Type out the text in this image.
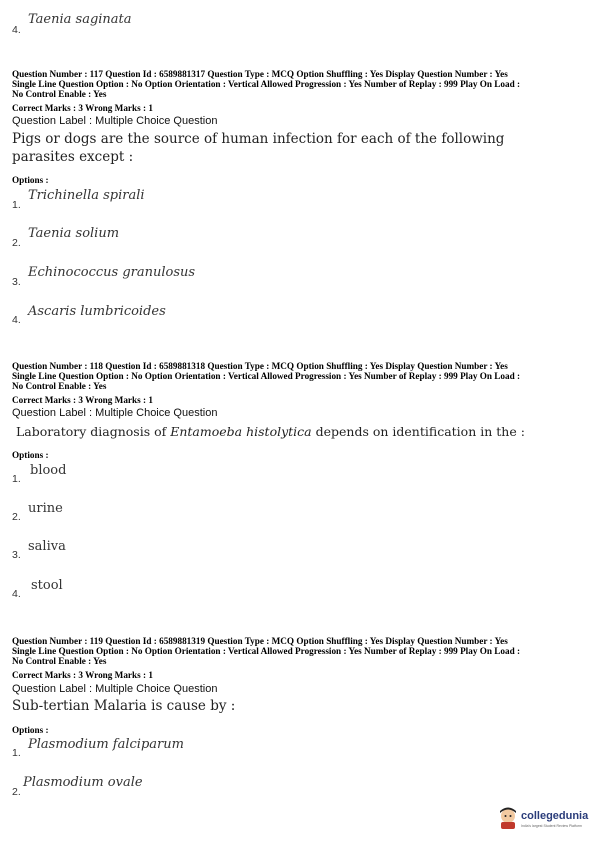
4.
Taenia saginata
Question Number : 117 Question Id : 6589881317 Question Type : MCQ Option Shuffling : Yes Display Question Number : Yes
Single Line Question Option : No Option Orientation : Vertical Allowed Progression : Yes Number of Replay : 999 Play On Load :
No Control Enable : Yes
Correct Marks : 3 Wrong Marks : 1
Question Label : Multiple Choice Question
Pigs or dogs are the source of human infection for each of the following
parasites except :
Options :
1.
Trichinella spirali
2.
Taenia solium
3.
Echinococcus granulosus
4.
Ascaris lumbricoides
Question Number : 118 Question Id : 6589881318 Question Type : MCQ Option Shuffling : Yes Display Question Number : Yes
Single Line Question Option : No Option Orientation : Vertical Allowed Progression : Yes Number of Replay : 999 Play On Load :
No Control Enable : Yes
Correct Marks : 3 Wrong Marks : 1
Question Label : Multiple Choice Question
Laboratory diagnosis of Entamoeba histolytica depends on identification in the :
Options :
1.
blood
2.
urine
3.
saliva
4.
stool
Question Number : 119 Question Id : 6589881319 Question Type : MCQ Option Shuffling : Yes Display Question Number : Yes
Single Line Question Option : No Option Orientation : Vertical Allowed Progression : Yes Number of Replay : 999 Play On Load :
No Control Enable : Yes
Correct Marks : 3 Wrong Marks : 1
Question Label : Multiple Choice Question
Sub-tertian Malaria is cause by :
Options :
1.
Plasmodium falciparum
2.
Plasmodium ovale
collegedunia
India's largest Student Review Platform
